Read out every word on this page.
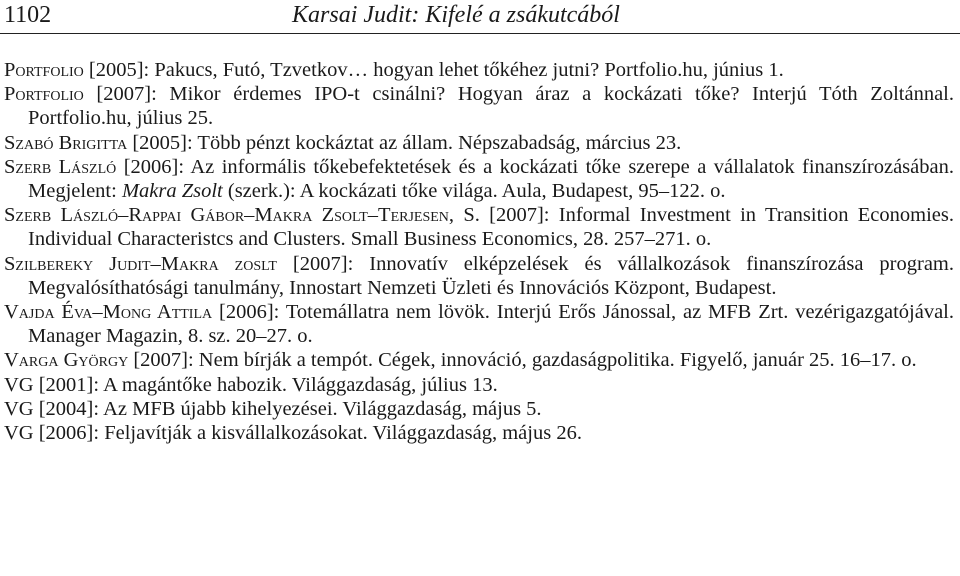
1102	Karsai Judit: Kifelé a zsákutcából

Portfolio [2005]: Pakucs, Futó, Tzvetkov… hogyan lehet tőkéhez jutni? Portfolio.hu, június 1.

Portfolio [2007]: Mikor érdemes IPO-t csinálni? Hogyan áraz a kockázati tőke? Interjú Tóth Zoltánnal. Portfolio.hu, július 25.

Szabó Brigitta [2005]: Több pénzt kockáztat az állam. Népszabadság, március 23.

Szerb László [2006]: Az informális tőkebefektetések és a kockázati tőke szerepe a vállalatok finanszírozásában. Megjelent: Makra Zsolt (szerk.): A kockázati tőke világa. Aula, Budapest, 95–122. o.

Szerb László–Rappai Gábor–Makra Zsolt–Terjesen, S. [2007]: Informal Investment in Transition Economies. Individual Characteristcs and Clusters. Small Business Economics, 28. 257–271. o.

Szilbereky Judit–Makra zoslt [2007]: Innovatív elképzelések és vállalkozások finanszírozása program. Megvalósíthatósági tanulmány, Innostart Nemzeti Üzleti és Innovációs Központ, Budapest.

Vajda Éva–Mong Attila [2006]: Totemállatra nem lövök. Interjú Erős Jánossal, az MFB Zrt. vezérigazgatójával. Manager Magazin, 8. sz. 20–27. o.

Varga György [2007]: Nem bírják a tempót. Cégek, innováció, gazdaságpolitika. Figyelő, január 25. 16–17. o.

VG [2001]: A magántőke habozik. Világgazdaság, július 13.

VG [2004]: Az MFB újabb kihelyezései. Világgazdaság, május 5.

VG [2006]: Feljavítják a kisvállalkozásokat. Világgazdaság, május 26.
